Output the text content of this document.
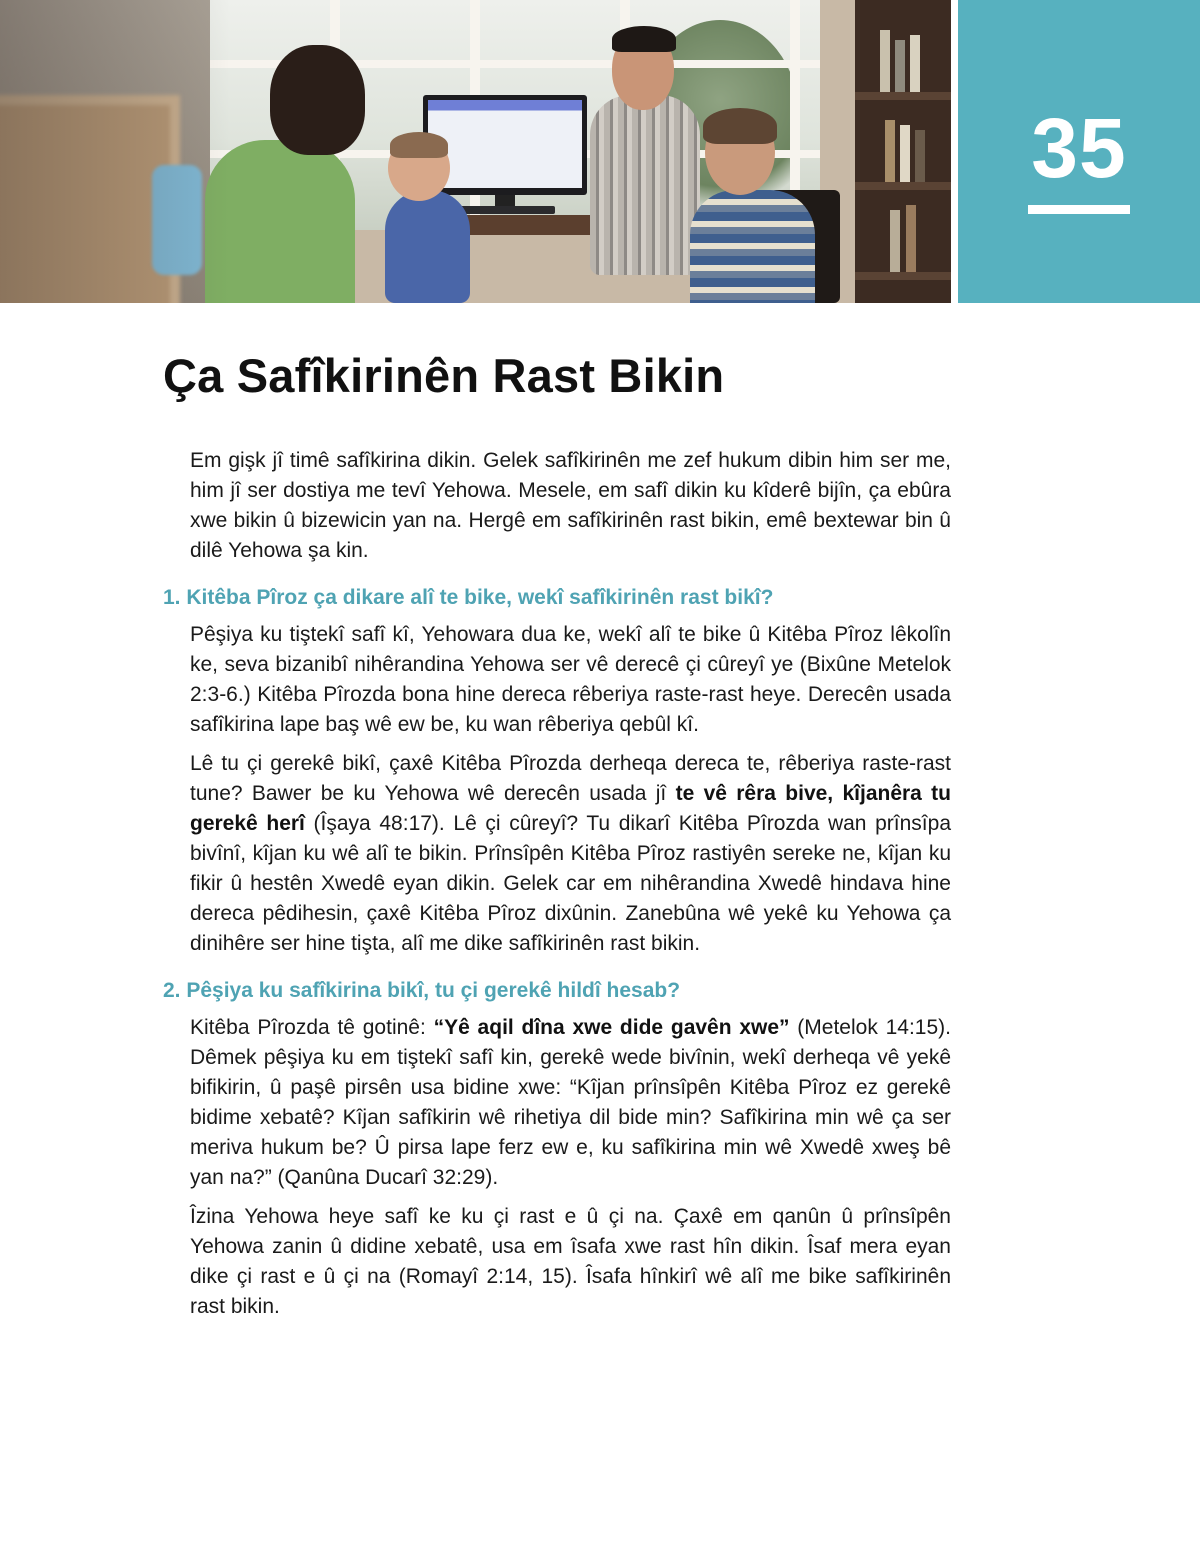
35
Ça Safîkirinên Rast Bikin

Em gişk jî timê safîkirina dikin. Gelek safîkirinên me zef hukum dibin him ser me, him jî ser dostiya me tevî Yehowa. Mesele, em safî dikin ku kîderê bijîn, ça ebûra xwe bikin û bizewicin yan na. Hergê em safîkirinên rast bikin, emê bextewar bin û dilê Yehowa şa kin.

1. Kitêba Pîroz ça dikare alî te bike, wekî safîkirinên rast bikî?

Pêşiya ku tiştekî safî kî, Yehowara dua ke, wekî alî te bike û Kitêba Pîroz lêkolîn ke, seva bizanibî nihêrandina Yehowa ser vê derecê çi cûreyî ye (Bixûne Metelok 2:3-6.) Kitêba Pîrozda bona hine dereca rêberiya raste-rast heye. Derecên usada safîkirina lape baş wê ew be, ku wan rêberiya qebûl kî.

Lê tu çi gerekê bikî, çaxê Kitêba Pîrozda derheqa dereca te, rêberiya raste-rast tune? Bawer be ku Yehowa wê derecên usada jî te vê rêra bive, kîjanêra tu gerekê herî (Îşaya 48:17). Lê çi cûreyî? Tu dikarî Kitêba Pîrozda wan prînsîpa bivînî, kîjan ku wê alî te bikin. Prînsîpên Kitêba Pîroz rastiyên sereke ne, kîjan ku fikir û hestên Xwedê eyan dikin. Gelek car em nihêrandina Xwedê hindava hine dereca pêdihesin, çaxê Kitêba Pîroz dixûnin. Zanebûna wê yekê ku Yehowa ça dinihêre ser hine tişta, alî me dike safîkirinên rast bikin.

2. Pêşiya ku safîkirina bikî, tu çi gerekê hildî hesab?

Kitêba Pîrozda tê gotinê: “Yê aqil dîna xwe dide gavên xwe” (Metelok 14:15). Dêmek pêşiya ku em tiştekî safî kin, gerekê wede bivînin, wekî derheqa vê yekê bifikirin, û paşê pirsên usa bidine xwe: “Kîjan prînsîpên Kitêba Pîroz ez gerekê bidime xebatê? Kîjan safîkirin wê rihetiya dil bide min? Safîkirina min wê ça ser meriva hukum be? Û pirsa lape ferz ew e, ku safîkirina min wê Xwedê xweş bê yan na?” (Qanûna Ducarî 32:29).

Îzina Yehowa heye safî ke ku çi rast e û çi na. Çaxê em qanûn û prînsîpên Yehowa zanin û didine xebatê, usa em îsafa xwe rast hîn dikin. Îsaf mera eyan dike çi rast e û çi na (Romayî 2:14, 15). Îsafa hînkirî wê alî me bike safîkirinên rast bikin.
